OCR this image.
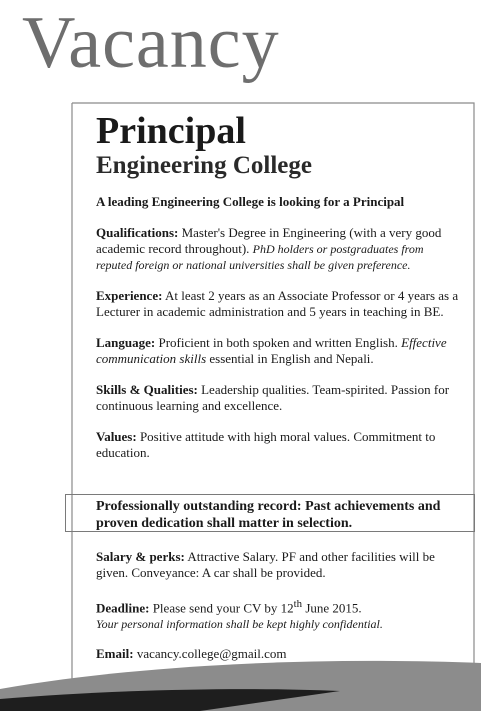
Vacancy
Principal
Engineering College
A leading Engineering College is looking for a Principal
Qualifications: Master's Degree in Engineering (with a very good academic record throughout). PhD holders or postgraduates from reputed foreign or national universities shall be given preference.
Experience: At least 2 years as an Associate Professor or 4 years as a Lecturer in academic administration and 5 years in teaching in BE.
Language: Proficient in both spoken and written English. Effective communication skills essential in English and Nepali.
Skills & Qualities: Leadership qualities. Team-spirited. Passion for continuous learning and excellence.
Values: Positive attitude with high moral values. Commitment to education.
Professionally outstanding record: Past achievements and proven dedication shall matter in selection.
Salary & perks: Attractive Salary. PF and other facilities will be given. Conveyance: A car shall be provided.
Deadline: Please send your CV by 12th June 2015.
Your personal information shall be kept highly confidential.
Email: vacancy.college@gmail.com
